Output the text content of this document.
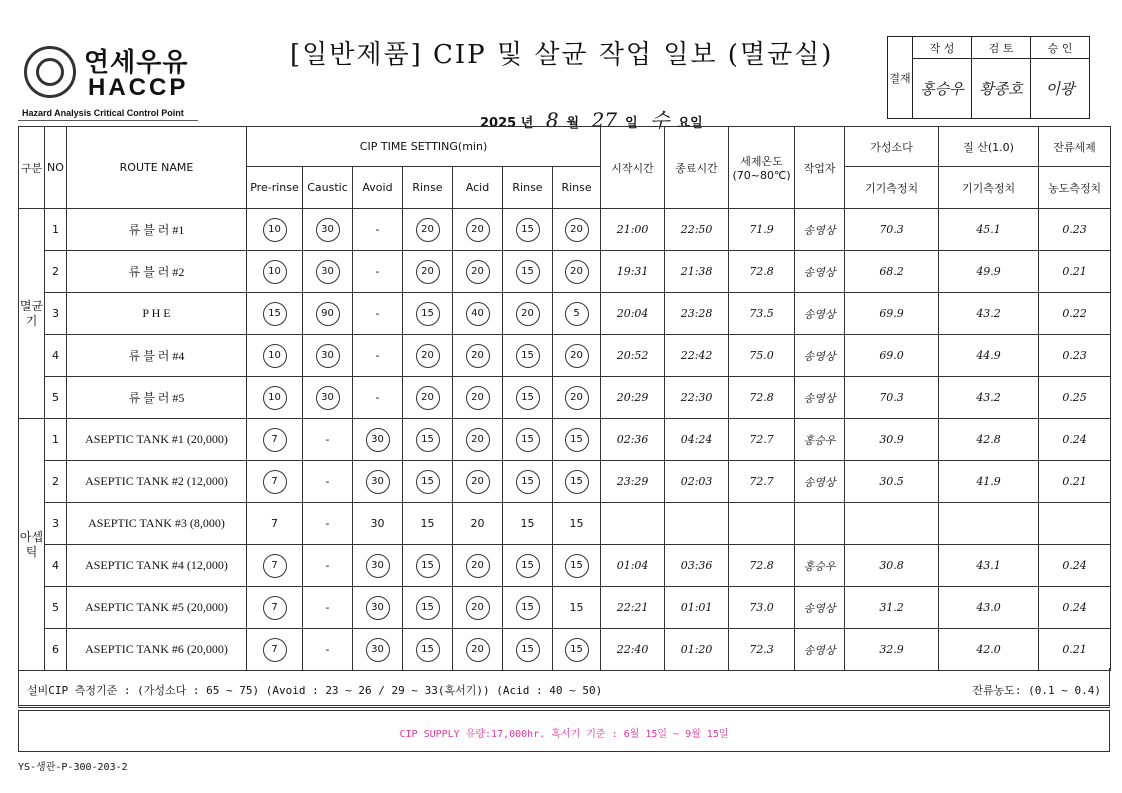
연세우유
HACCP
Hazard Analysis Critical Control Point
[일반제품] CIP 및 살균 작업 일보 (멸균실)
2025 년 8 월 27 일 수 요일
결재	작 성	검 토	승 인
	홍승우	황종호	이광
구분	NO	ROUTE NAME	CIP TIME SETTING(min)							시작시간	종료시간	세제온도 (70~80℃)	작업자	가성소다	질 산(1.0)	잔류세제
			Pre-rinse	Caustic	Avoid	Rinse	Acid	Rinse	Rinse					기기측정치	기기측정치	농도측정치
멸균기	1	류 블 러 #1	10	30	-	20	20	15	20	21:00	22:50	71.9	송영상	70.3	45.1	0.23
	2	류 블 러 #2	10	30	-	20	20	15	20	19:31	21:38	72.8	송영상	68.2	49.9	0.21
	3	P H E	15	90	-	15	40	20	5	20:04	23:28	73.5	송영상	69.9	43.2	0.22
	4	류 블 러 #4	10	30	-	20	20	15	20	20:52	22:42	75.0	송영상	69.0	44.9	0.23
	5	류 블 러 #5	10	30	-	20	20	15	20	20:29	22:30	72.8	송영상	70.3	43.2	0.25
아셉틱	1	ASEPTIC TANK #1 (20,000)	7	-	30	15	20	15	15	02:36	04:24	72.7	홍승우	30.9	42.8	0.24
	2	ASEPTIC TANK #2 (12,000)	7	-	30	15	20	15	15	23:29	02:03	72.7	송영상	30.5	41.9	0.21
	3	ASEPTIC TANK #3 (8,000)	7	-	30	15	20	15	15							
	4	ASEPTIC TANK #4 (12,000)	7	-	30	15	20	15	15	01:04	03:36	72.8	홍승우	30.8	43.1	0.24
	5	ASEPTIC TANK #5 (20,000)	7	-	30	15	20	15	15	22:21	01:01	73.0	송영상	31.2	43.0	0.24
	6	ASEPTIC TANK #6 (20,000)	7	-	30	15	20	15	15	22:40	01:20	72.3	송영상	32.9	42.0	0.21
설비CIP 측정기준 : (가성소다 : 65 ~ 75) (Avoid : 23 ~ 26 / 29 ~ 33(혹서기)) (Acid : 40 ~ 50)	잔류농도: (0.1 ~ 0.4)
CIP SUPPLY 유량:17,000hr. 혹서기 기준 : 6월 15일 ~ 9월 15일
YS-생관-P-300-203-2
